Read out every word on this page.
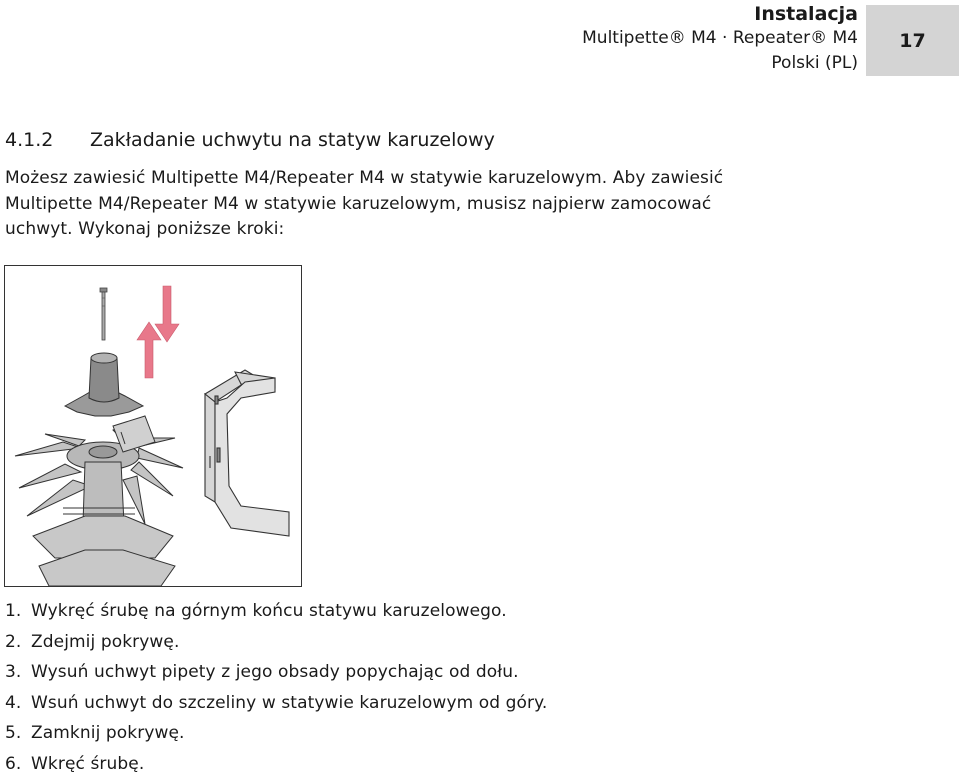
Instalacja
Multipette® M4 · Repeater® M4
Polski (PL)
17
4.1.2 Zakładanie uchwytu na statyw karuzelowy
Możesz zawiesić Multipette M4/Repeater M4 w statywie karuzelowym. Aby zawiesić
Multipette M4/Repeater M4 w statywie karuzelowym, musisz najpierw zamocować
uchwyt. Wykonaj poniższe kroki:
1. Wykręć śrubę na górnym końcu statywu karuzelowego.
2. Zdejmij pokrywę.
3. Wysuń uchwyt pipety z jego obsady popychając od dołu.
4. Wsuń uchwyt do szczeliny w statywie karuzelowym od góry.
5. Zamknij pokrywę.
6. Wkręć śrubę.
